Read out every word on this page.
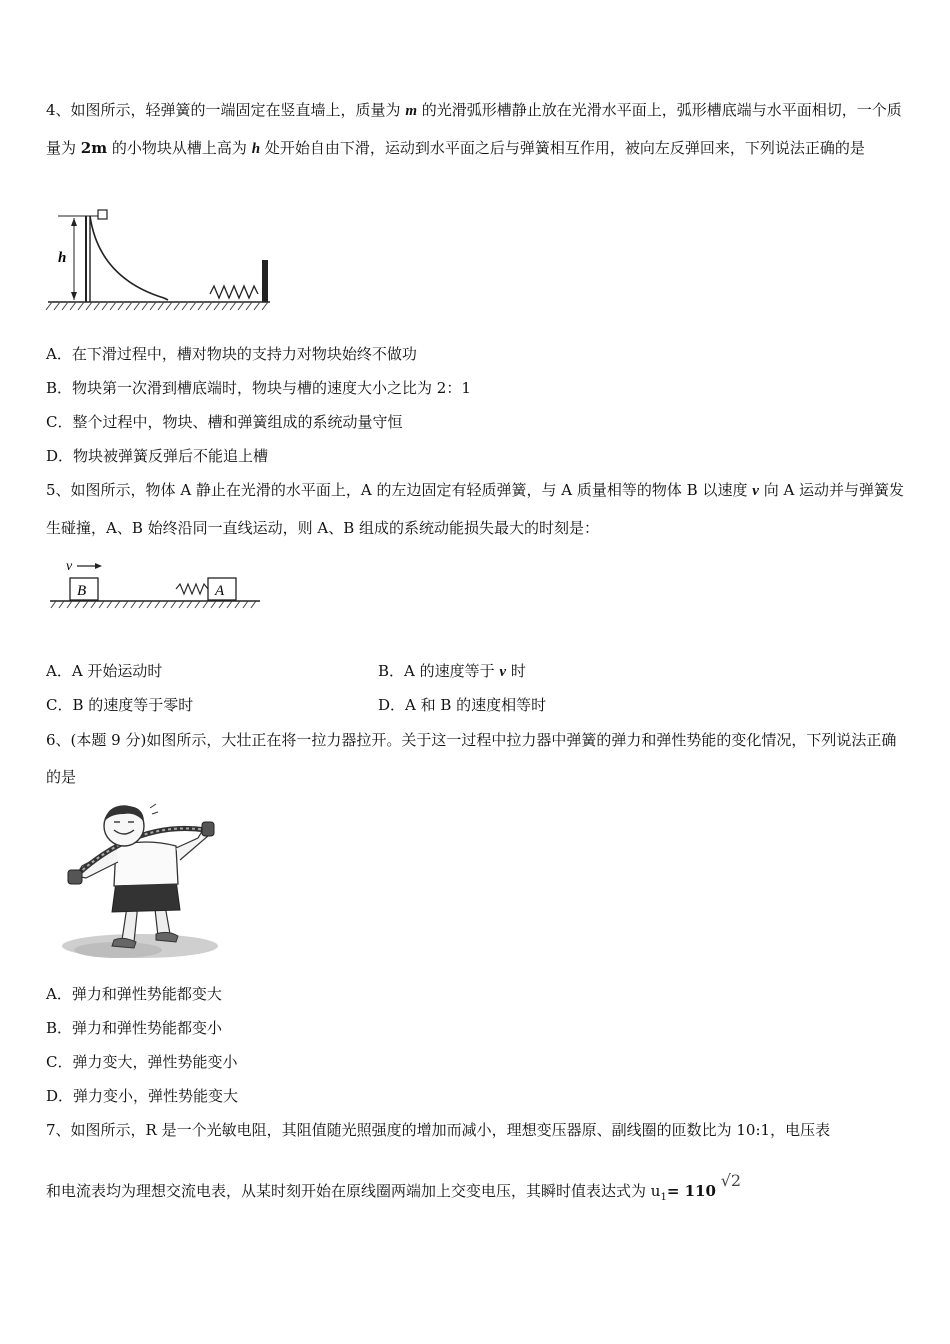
4、如图所示，轻弹簧的一端固定在竖直墙上，质量为 m 的光滑弧形槽静止放在光滑水平面上，弧形槽底端与水平面相切，一个质量为 2m 的小物块从槽上高为 h 处开始自由下滑，运动到水平面之后与弹簧相互作用，被向左反弹回来，下列说法正确的是

h
A．在下滑过程中，槽对物块的支持力对物块始终不做功
B．物块第一次滑到槽底端时，物块与槽的速度大小之比为 2：1
C．整个过程中，物块、槽和弹簧组成的系统动量守恒
D．物块被弹簧反弹后不能追上槽

5、如图所示，物体 A 静止在光滑的水平面上，A 的左边固定有轻质弹簧，与 A 质量相等的物体 B 以速度 v 向 A 运动并与弹簧发生碰撞，A、B 始终沿同一直线运动，则 A、B 组成的系统动能损失最大的时刻是：

v
B	A
A．A 开始运动时	B．A 的速度等于 v 时
C．B 的速度等于零时	D．A 和 B 的速度相等时

6、(本题 9 分)如图所示，大壮正在将一拉力器拉开。关于这一过程中拉力器中弹簧的弹力和弹性势能的变化情况，下列说法正确的是

A．弹力和弹性势能都变大
B．弹力和弹性势能都变小
C．弹力变大，弹性势能变小
D．弹力变小，弹性势能变大

7、如图所示，R 是一个光敏电阻，其阻值随光照强度的增加而减小，理想变压器原、副线圈的匝数比为 10:1，电压表

和电流表均为理想交流电表，从某时刻开始在原线圈两端加上交变电压，其瞬时值表达式为 $u_1= 110$ √2
